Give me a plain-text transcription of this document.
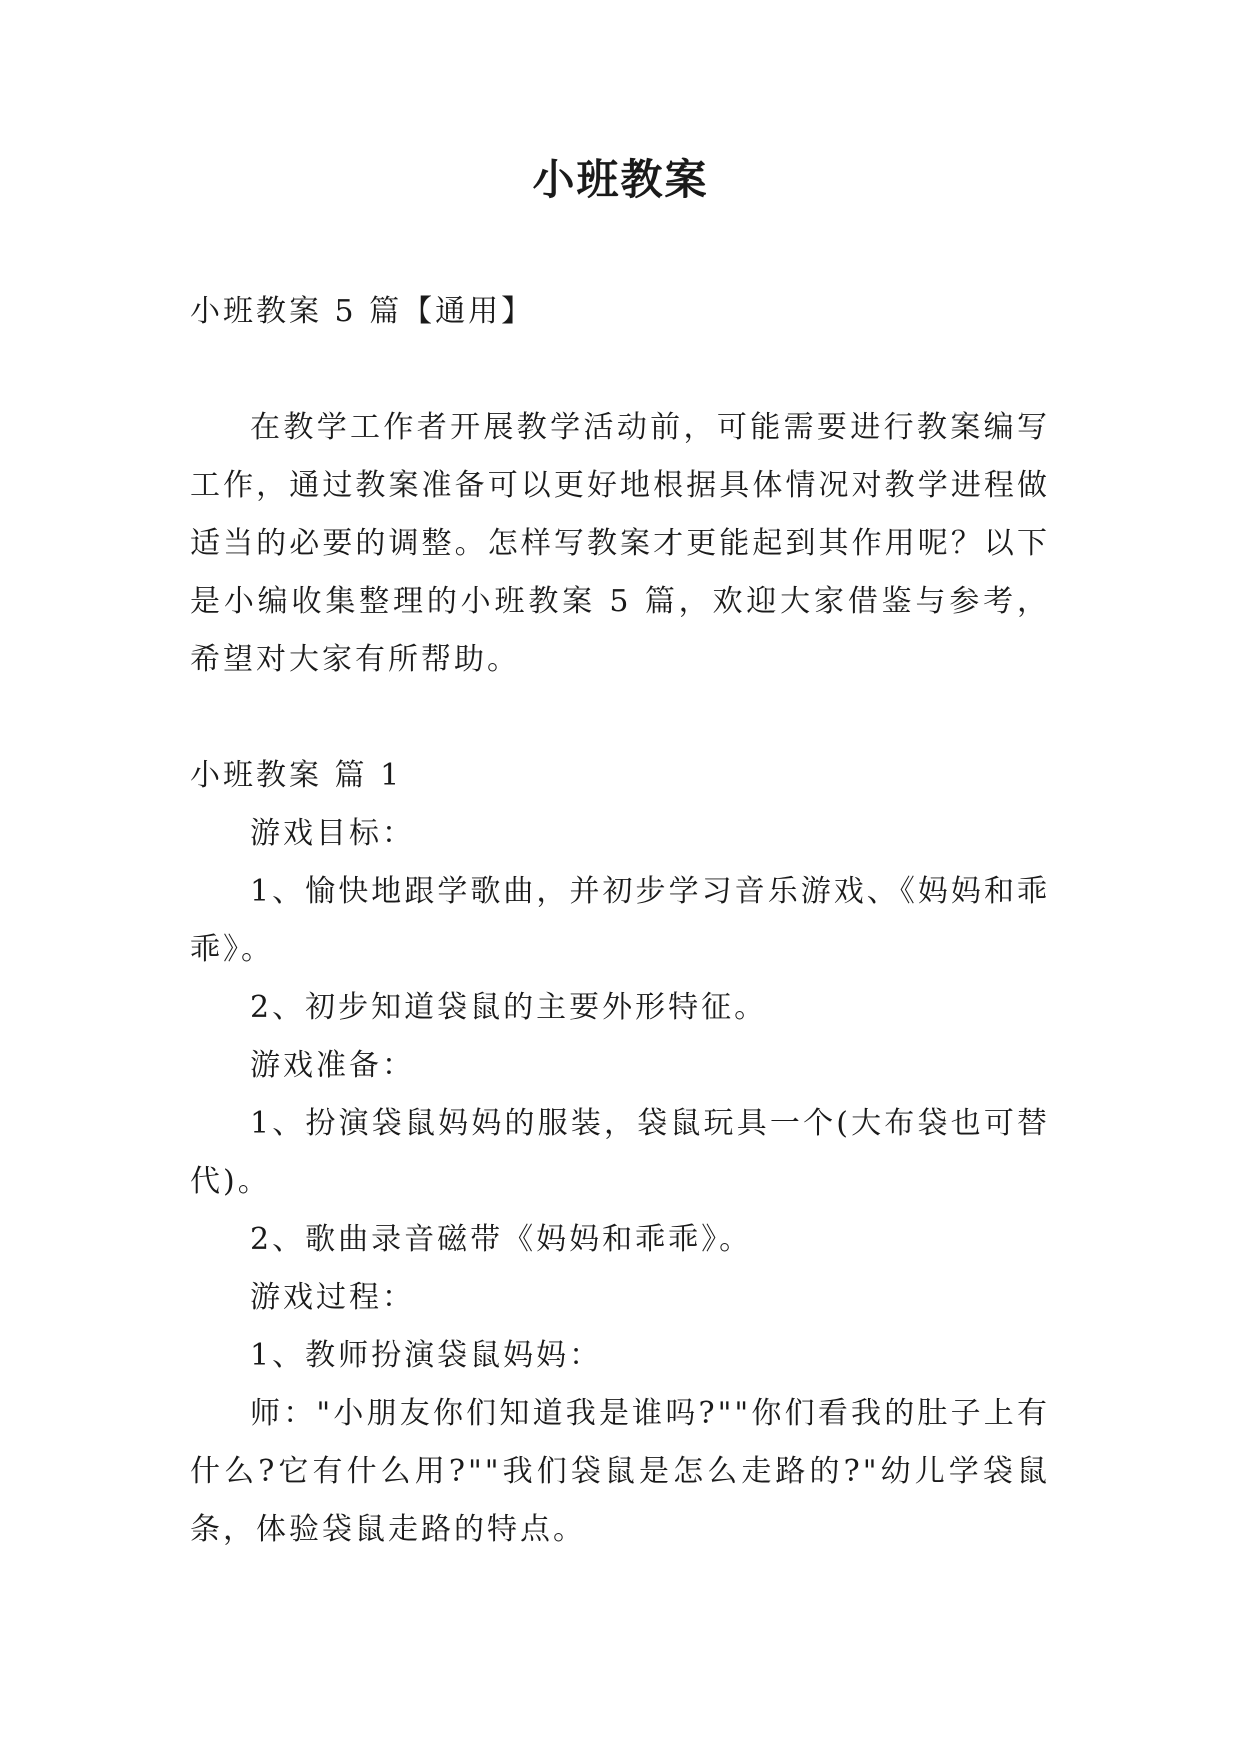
小班教案

小班教案 5 篇【通用】

在教学工作者开展教学活动前，可能需要进行教案编写工作，通过教案准备可以更好地根据具体情况对教学进程做适当的必要的调整。怎样写教案才更能起到其作用呢？以下是小编收集整理的小班教案 5 篇，欢迎大家借鉴与参考，希望对大家有所帮助。

小班教案 篇 1

游戏目标：

1、愉快地跟学歌曲，并初步学习音乐游戏、《妈妈和乖乖》。

2、初步知道袋鼠的主要外形特征。

游戏准备：

1、扮演袋鼠妈妈的服装，袋鼠玩具一个(大布袋也可替代)。

2、歌曲录音磁带《妈妈和乖乖》。

游戏过程：

1、教师扮演袋鼠妈妈：

师："小朋友你们知道我是谁吗?""你们看我的肚子上有什么?它有什么用?""我们袋鼠是怎么走路的?"幼儿学袋鼠条，体验袋鼠走路的特点。
